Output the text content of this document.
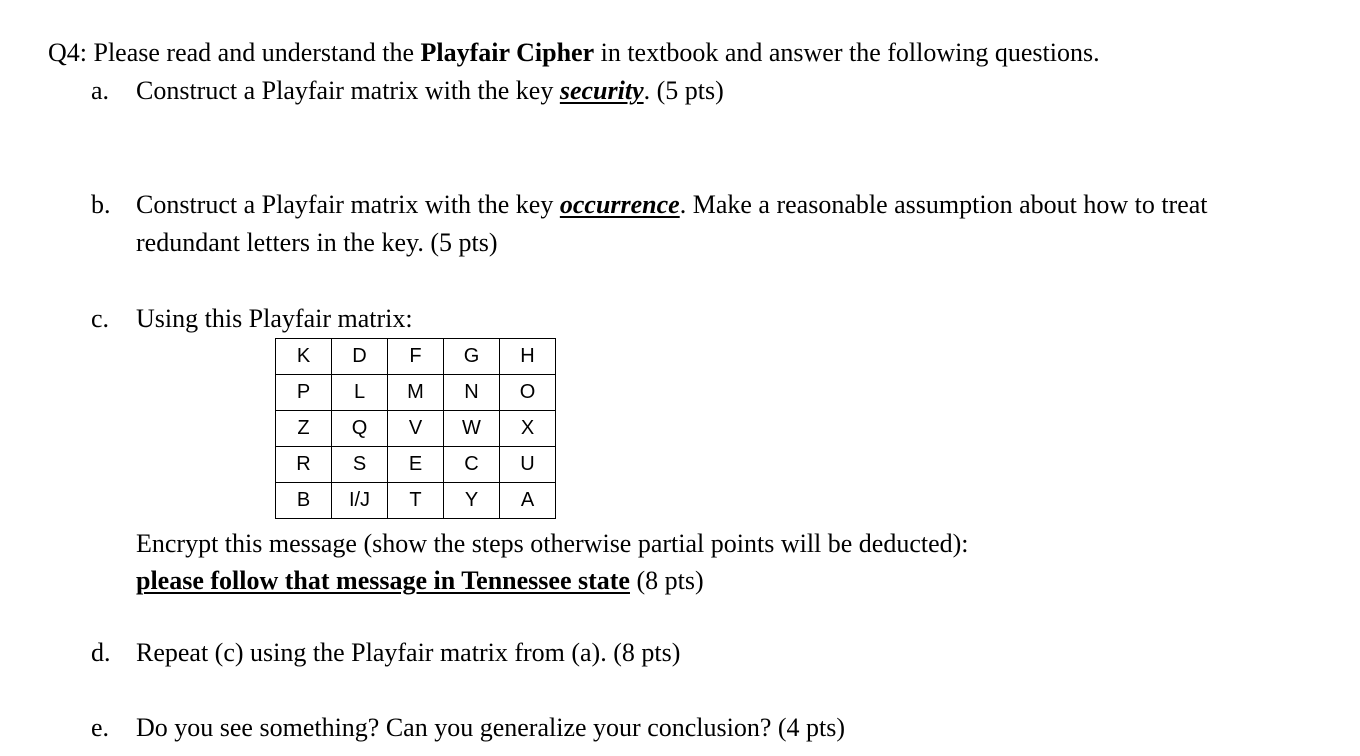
Q4: Please read and understand the Playfair Cipher in textbook and answer the following questions.
a. Construct a Playfair matrix with the key security. (5 pts)
b. Construct a Playfair matrix with the key occurrence. Make a reasonable assumption about how to treat
redundant letters in the key. (5 pts)
c. Using this Playfair matrix:
K	D	F	G	H
P	L	M	N	O
Z	Q	V	W	X
R	S	E	C	U
B	I/J	T	Y	A
Encrypt this message (show the steps otherwise partial points will be deducted):
please follow that message in Tennessee state (8 pts)
d. Repeat (c) using the Playfair matrix from (a). (8 pts)
e. Do you see something? Can you generalize your conclusion? (4 pts)
